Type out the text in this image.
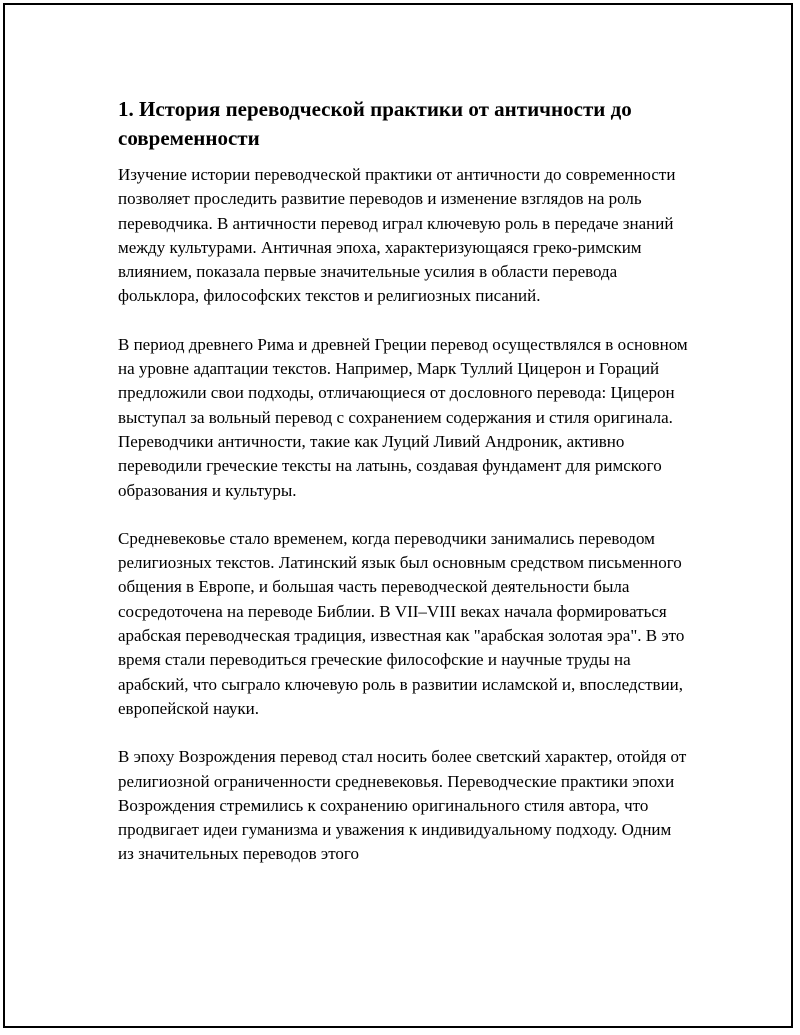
1. История переводческой практики от античности до современности

Изучение истории переводческой практики от античности до современности позволяет проследить развитие переводов и изменение взглядов на роль переводчика. В античности перевод играл ключевую роль в передаче знаний между культурами. Античная эпоха, характеризующаяся греко-римским влиянием, показала первые значительные усилия в области перевода фольклора, философских текстов и религиозных писаний.

В период древнего Рима и древней Греции перевод осуществлялся в основном на уровне адаптации текстов. Например, Марк Туллий Цицерон и Гораций предложили свои подходы, отличающиеся от дословного перевода: Цицерон выступал за вольный перевод с сохранением содержания и стиля оригинала. Переводчики античности, такие как Луций Ливий Андроник, активно переводили греческие тексты на латынь, создавая фундамент для римского образования и культуры.

Средневековье стало временем, когда переводчики занимались переводом религиозных текстов. Латинский язык был основным средством письменного общения в Европе, и большая часть переводческой деятельности была сосредоточена на переводе Библии. В VII–VIII веках начала формироваться арабская переводческая традиция, известная как "арабская золотая эра". В это время стали переводиться греческие философские и научные труды на арабский, что сыграло ключевую роль в развитии исламской и, впоследствии, европейской науки.

В эпоху Возрождения перевод стал носить более светский характер, отойдя от религиозной ограниченности средневековья. Переводческие практики эпохи Возрождения стремились к сохранению оригинального стиля автора, что продвигает идеи гуманизма и уважения к индивидуальному подходу. Одним из значительных переводов этого
